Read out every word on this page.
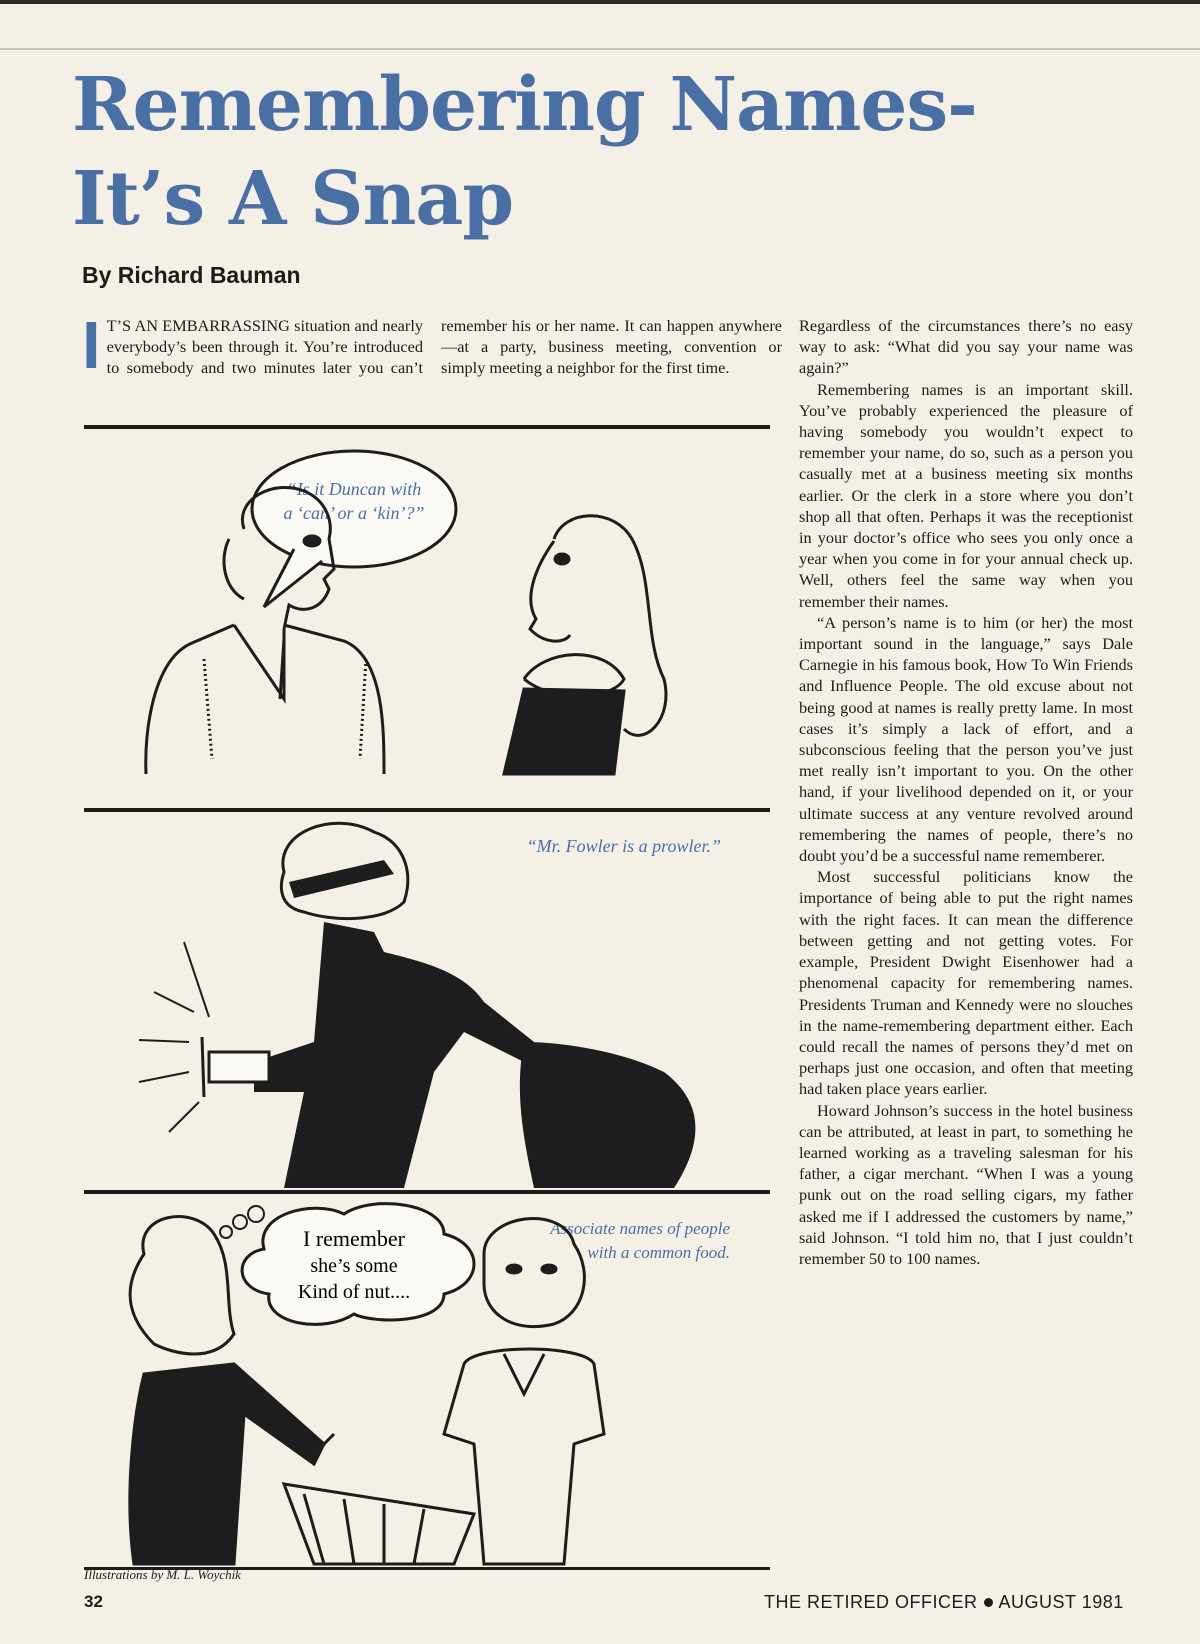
Remembering Names-
It’s A Snap
By Richard Bauman

I T’S AN EMBARRASSING situation and nearly everybody’s been through it. You’re introduced to somebody and two minutes later you can’t remember his or her name. It can happen anywhere—at a party, business meeting, convention or simply meeting a neighbor for the first time.

Regardless of the circumstances there’s no easy way to ask: “What did you say your name was again?”

Remembering names is an important skill. You’ve probably experienced the pleasure of having somebody you wouldn’t expect to remember your name, do so, such as a person you casually met at a business meeting six months earlier. Or the clerk in a store where you don’t shop all that often. Perhaps it was the receptionist in your doctor’s office who sees you only once a year when you come in for your annual check up. Well, others feel the same way when you remember their names.

“A person’s name is to him (or her) the most important sound in the language,” says Dale Carnegie in his famous book, How To Win Friends and Influence People. The old excuse about not being good at names is really pretty lame. In most cases it’s simply a lack of effort, and a subconscious feeling that the person you’ve just met really isn’t important to you. On the other hand, if your livelihood depended on it, or your ultimate success at any venture revolved around remembering the names of people, there’s no doubt you’d be a successful name rememberer.

Most successful politicians know the importance of being able to put the right names with the right faces. It can mean the difference between getting and not getting votes. For example, President Dwight Eisenhower had a phenomenal capacity for remembering names. Presidents Truman and Kennedy were no slouches in the name-remembering department either. Each could recall the names of persons they’d met on perhaps just one occasion, and often that meeting had taken place years earlier.

Howard Johnson’s success in the hotel business can be attributed, at least in part, to something he learned working as a traveling salesman for his father, a cigar merchant. “When I was a young punk out on the road selling cigars, my father asked me if I addressed the customers by name,” said Johnson. “I told him no, that I just couldn’t remember 50 to 100 names.

“Is it Duncan with
a ‘can’ or a ‘kin’?”
“Mr. Fowler is a prowler.”
I remember
she’s some
Kind of nut....
Associate names of people
with a common food.
Illustrations by M. L. Woychik
32	THE RETIRED OFFICER AUGUST 1981
